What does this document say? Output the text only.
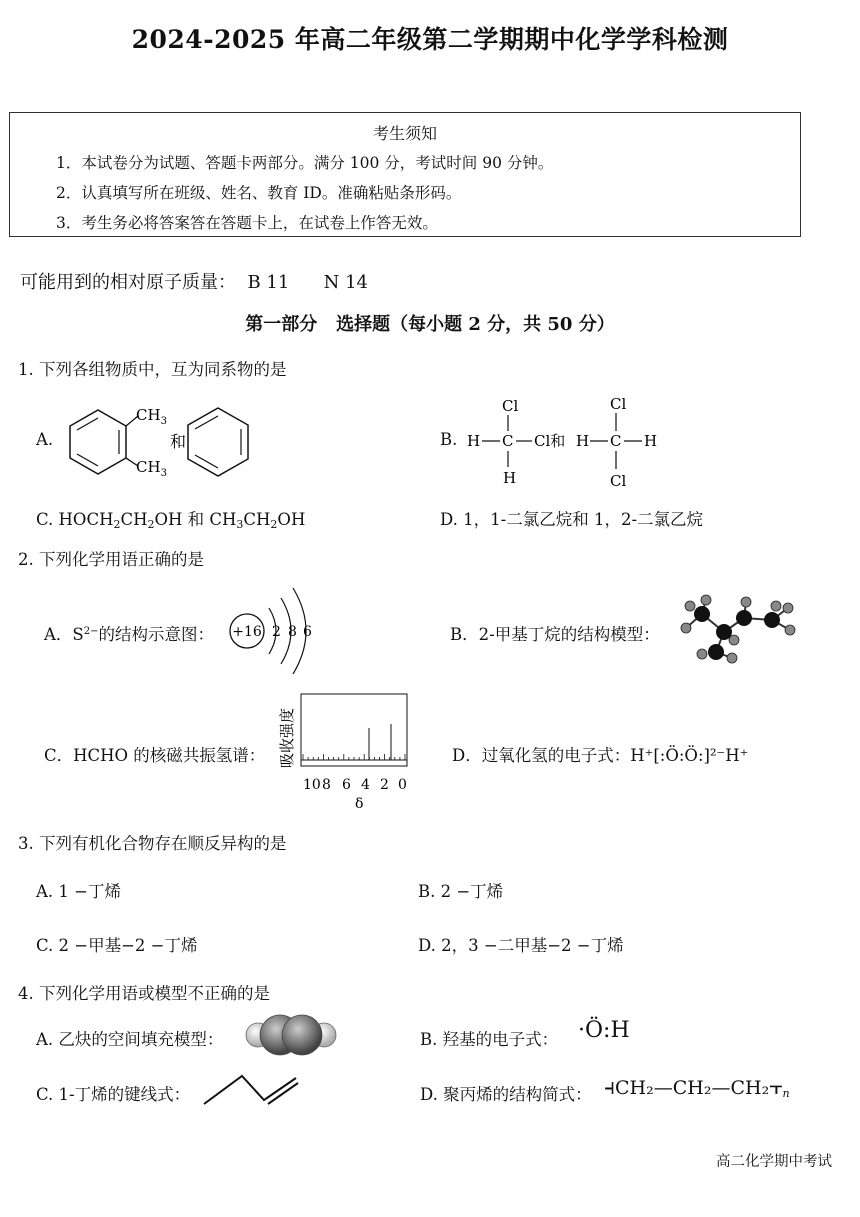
2024-2025 年高二年级第二学期期中化学学科检测
考生须知
1．本试卷分为试题、答题卡两部分。满分 100 分，考试时间 90 分钟。
2．认真填写所在班级、姓名、教育 ID。准确粘贴条形码。
3．考生务必将答案答在答题卡上，在试卷上作答无效。
可能用到的相对原子质量：  B 11      N 14
第一部分   选择题（每小题 2 分，共 50 分）
1. 下列各组物质中，互为同系物的是
A.
$CH_3$
$CH_3$
和	B.
Cl
H C Cl和
H
Cl
H C H
Cl
C. $HOCH_2CH_2OH$ 和 $CH_3CH_2OH$	D. 1，1-二氯乙烷和 1，2-二氯乙烷
2. 下列化学用语正确的是
A．$S^{2-}$的结构示意图： +16 2 8 6	B．2-甲基丁烷的结构模型：
C．HCHO 的核磁共振氢谱： 吸收强度
10 8 6 4 2 0
δ
D．过氧化氢的电子式：H⁺[:Ö:Ö:]²⁻H⁺
3. 下列有机化合物存在顺反异构的是
A. 1 −丁烯	B. 2 −丁烯
C. 2 −甲基−2 −丁烯	D. 2，3 −二甲基−2 −丁烯
4. 下列化学用语或模型不正确的是
A. 乙炔的空间填充模型：	B. 羟基的电子式： ·Ö:H
C. 1-丁烯的键线式：	D. 聚丙烯的结构简式： $⫞CH_2—CH_2—CH_2⫟_n$
高二化学期中考试
